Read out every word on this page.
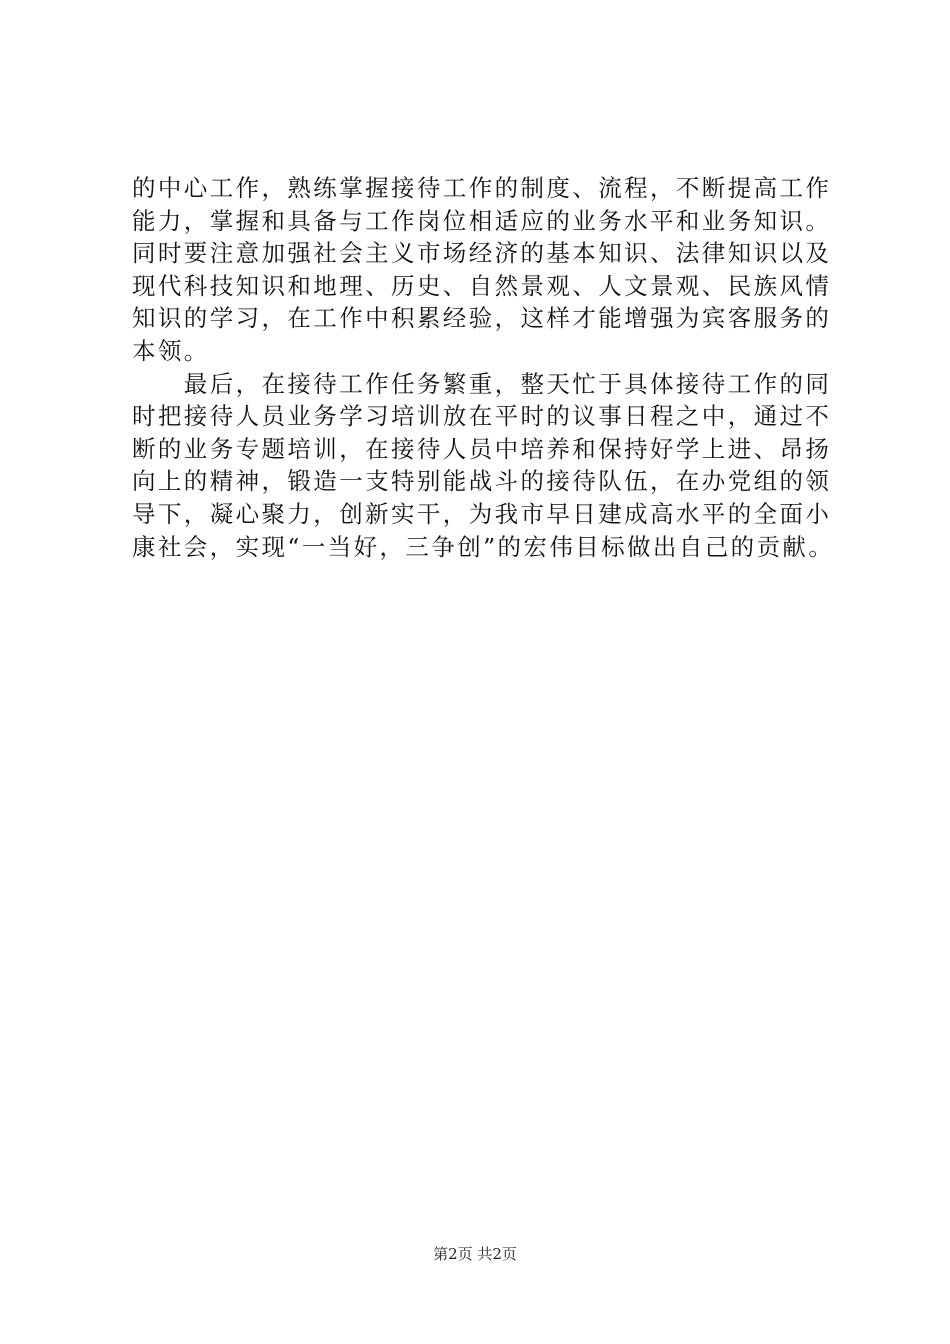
的中心工作，熟练掌握接待工作的制度、流程，不断提高工作
能力，掌握和具备与工作岗位相适应的业务水平和业务知识。
同时要注意加强社会主义市场经济的基本知识、法律知识以及
现代科技知识和地理、历史、自然景观、人文景观、民族风情
知识的学习，在工作中积累经验，这样才能增强为宾客服务的
本领。
　　最后，在接待工作任务繁重，整天忙于具体接待工作的同
时把接待人员业务学习培训放在平时的议事日程之中，通过不
断的业务专题培训，在接待人员中培养和保持好学上进、昂扬
向上的精神，锻造一支特别能战斗的接待队伍，在办党组的领
导下，凝心聚力，创新实干，为我市早日建成高水平的全面小
康社会，实现“一当好，三争创”的宏伟目标做出自己的贡献。
第2页 共2页
